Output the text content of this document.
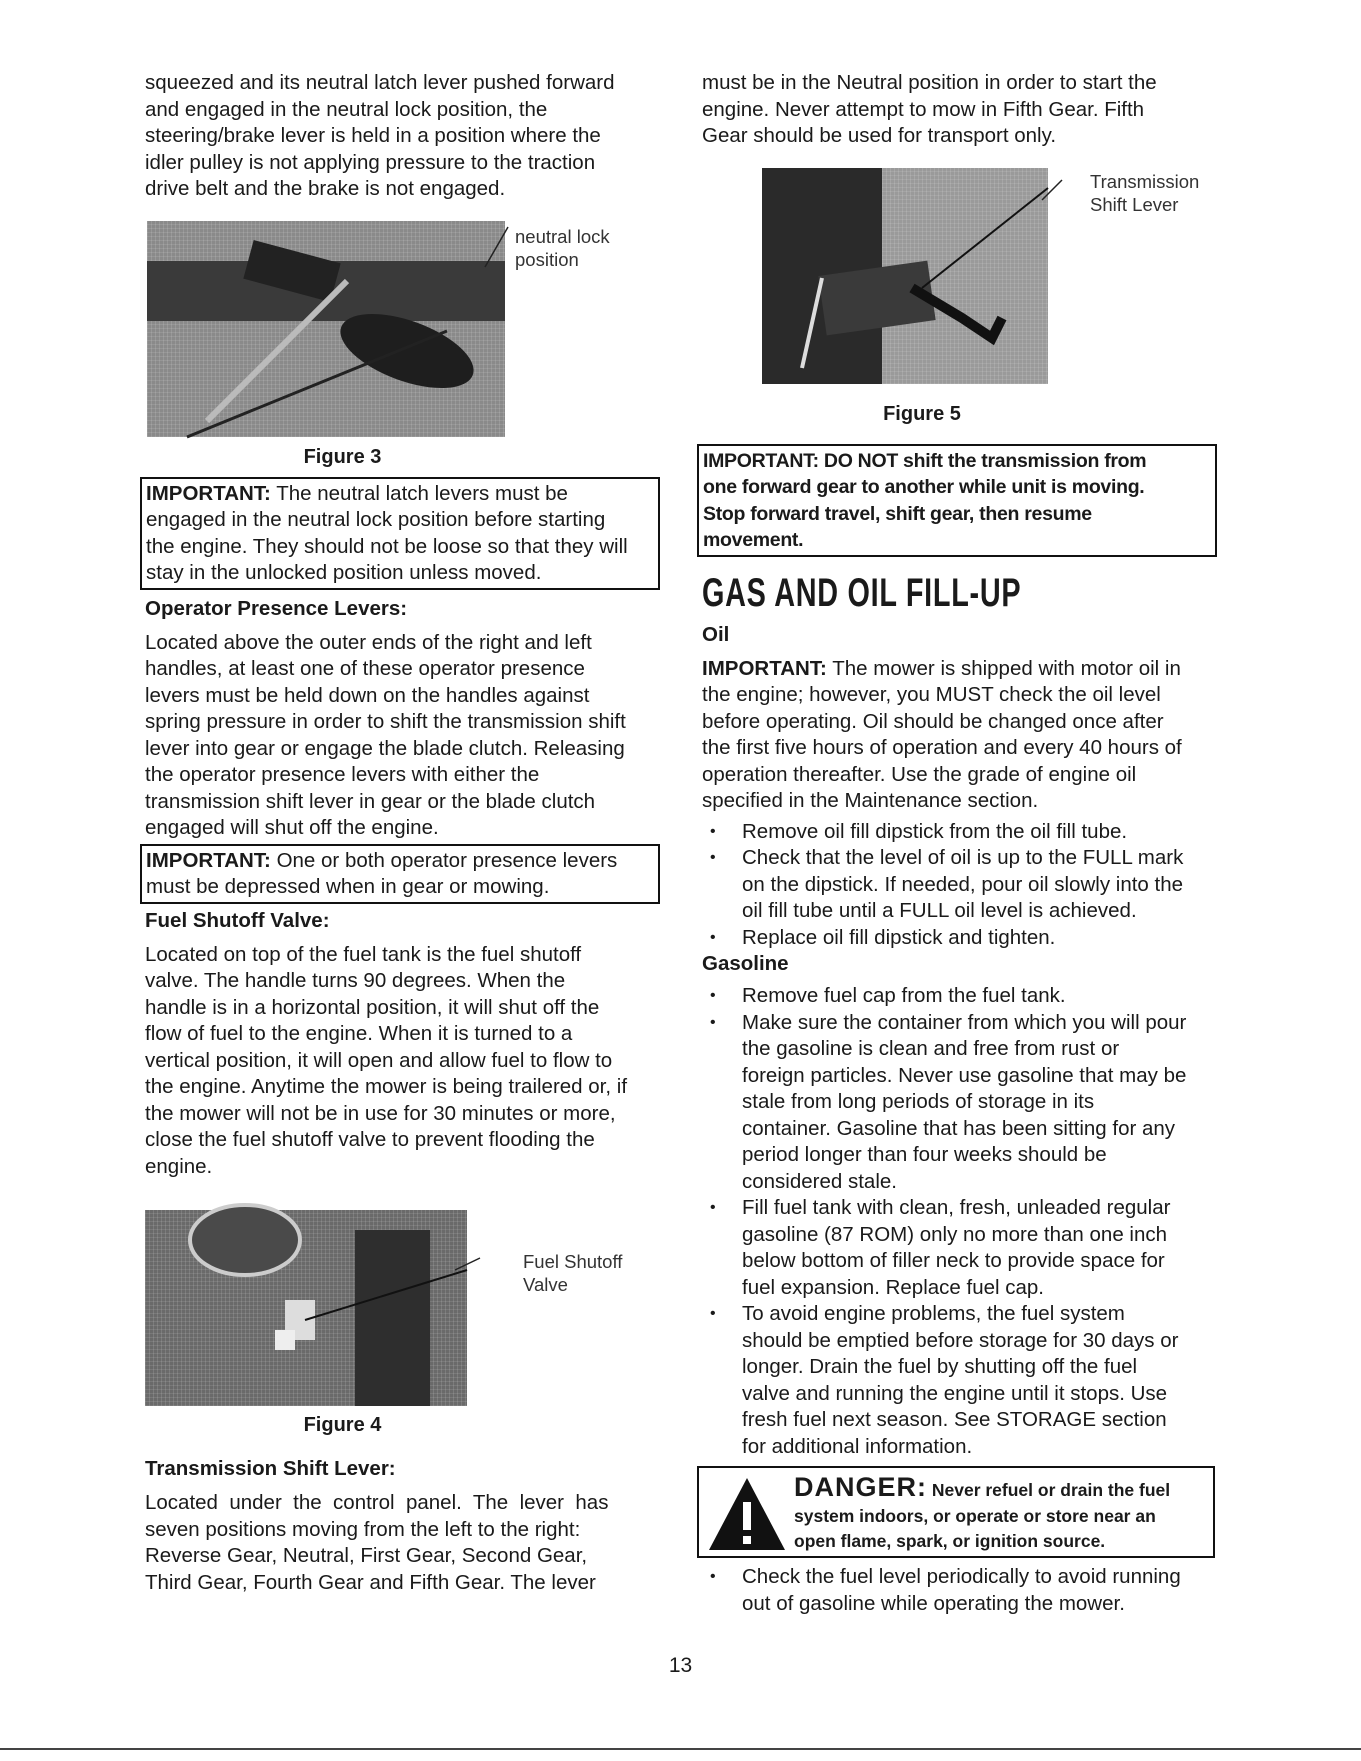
squeezed and its neutral latch lever pushed forward

and engaged in the neutral lock position, the

steering/brake lever is held in a position where the

idler pulley is not applying pressure to the traction

drive belt and the brake is not engaged.

neutral lock
position
Figure 3
IMPORTANT: The neutral latch levers must be
engaged in the neutral lock position before starting
the engine. They should not be loose so that they will
stay in the unlocked position unless moved.
Operator Presence Levers:

Located above the outer ends of the right and left

handles, at least one of these operator presence

levers must be held down on the handles against

spring pressure in order to shift the transmission shift

lever into gear or engage the blade clutch. Releasing

the operator presence levers with either the

transmission shift lever in gear or the blade clutch

engaged will shut off the engine.

IMPORTANT: One or both operator presence levers
must be depressed when in gear or mowing.
Fuel Shutoff Valve:

Located on top of the fuel tank is the fuel shutoff

valve. The handle turns 90 degrees. When the

handle is in a horizontal position, it will shut off the

flow of fuel to the engine. When it is turned to a

vertical position, it will open and allow fuel to flow to

the engine. Anytime the mower is being trailered or, if

the mower will not be in use for 30 minutes or more,

close the fuel shutoff valve to prevent flooding the

engine.

Fuel Shutoff
Valve
Figure 4
Transmission Shift Lever:

Located  under  the  control  panel.  The  lever  has

seven positions moving from the left to the right:

Reverse Gear, Neutral, First Gear, Second Gear,

Third Gear, Fourth Gear and Fifth Gear. The lever

must be in the Neutral position in order to start the

engine. Never attempt to mow in Fifth Gear. Fifth

Gear should be used for transport only.

Transmission
Shift Lever
Figure 5
IMPORTANT: DO NOT shift the transmission from
one forward gear to another while unit is moving.
Stop forward travel, shift gear, then resume
movement.
GAS AND OIL FILL-UP
Oil

IMPORTANT: The mower is shipped with motor oil in

the engine; however, you MUST check the oil level

before operating. Oil should be changed once after

the first five hours of operation and every 40 hours of

operation thereafter. Use the grade of engine oil

specified in the Maintenance section.

• Remove oil fill dipstick from the oil fill tube.
• Check that the level of oil is up to the FULL mark on the dipstick. If needed, pour oil slowly into the oil fill tube until a FULL oil level is achieved.
• Replace oil fill dipstick and tighten.
Gasoline
• Remove fuel cap from the fuel tank.
• Make sure the container from which you will pour the gasoline is clean and free from rust or foreign particles. Never use gasoline that may be stale from long periods of storage in its container. Gasoline that has been sitting for any period longer than four weeks should be considered stale.
• Fill fuel tank with clean, fresh, unleaded regular gasoline (87 ROM) only no more than one inch below bottom of filler neck to provide space for fuel expansion. Replace fuel cap.
• To avoid engine problems, the fuel system should be emptied before storage for 30 days or longer. Drain the fuel by shutting off the fuel valve and running the engine until it stops. Use fresh fuel next season. See STORAGE section for additional information.
DANGER: Never refuel or drain the fuel
system indoors, or operate or store near an
open flame, spark, or ignition source.
• Check the fuel level periodically to avoid running out of gasoline while operating the mower.
13
